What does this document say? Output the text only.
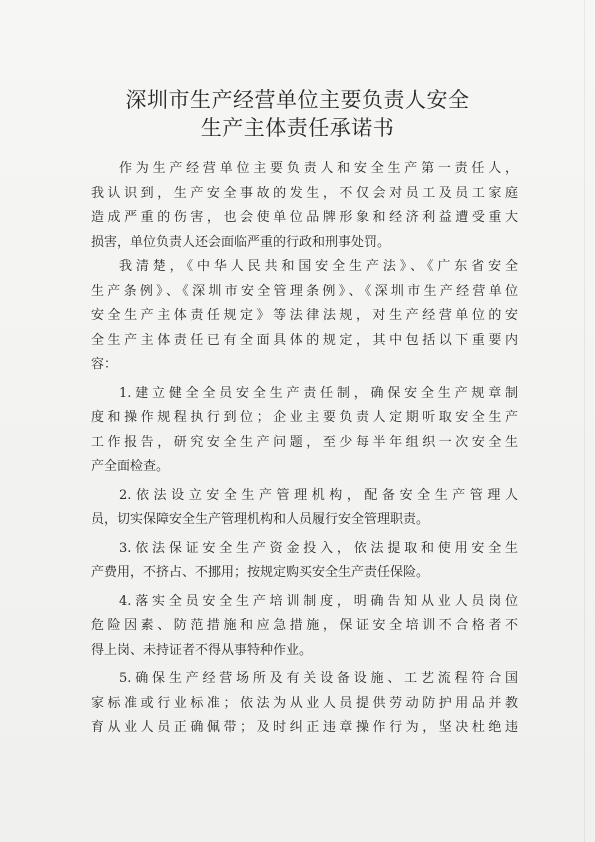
深圳市生产经营单位主要负责人安全
生产主体责任承诺书
作为生产经营单位主要负责人和安全生产第一责任人，
我认识到，生产安全事故的发生，不仅会对员工及员工家庭
造成严重的伤害，也会使单位品牌形象和经济利益遭受重大
损害，单位负责人还会面临严重的行政和刑事处罚。
我清楚，《中华人民共和国安全生产法》、《广东省安全
生产条例》、《深圳市安全管理条例》、《深圳市生产经营单位
安全生产主体责任规定》等法律法规，对生产经营单位的安
全生产主体责任已有全面具体的规定，其中包括以下重要内
容：
1.建立健全全员安全生产责任制，确保安全生产规章制
度和操作规程执行到位；企业主要负责人定期听取安全生产
工作报告，研究安全生产问题，至少每半年组织一次安全生
产全面检查。
2.依法设立安全生产管理机构，配备安全生产管理人
员，切实保障安全生产管理机构和人员履行安全管理职责。
3.依法保证安全生产资金投入，依法提取和使用安全生
产费用，不挤占、不挪用；按规定购买安全生产责任保险。
4.落实全员安全生产培训制度，明确告知从业人员岗位
危险因素、防范措施和应急措施，保证安全培训不合格者不
得上岗、未持证者不得从事特种作业。
5.确保生产经营场所及有关设备设施、工艺流程符合国
家标准或行业标准；依法为从业人员提供劳动防护用品并教
育从业人员正确佩带；及时纠正违章操作行为，坚决杜绝违
